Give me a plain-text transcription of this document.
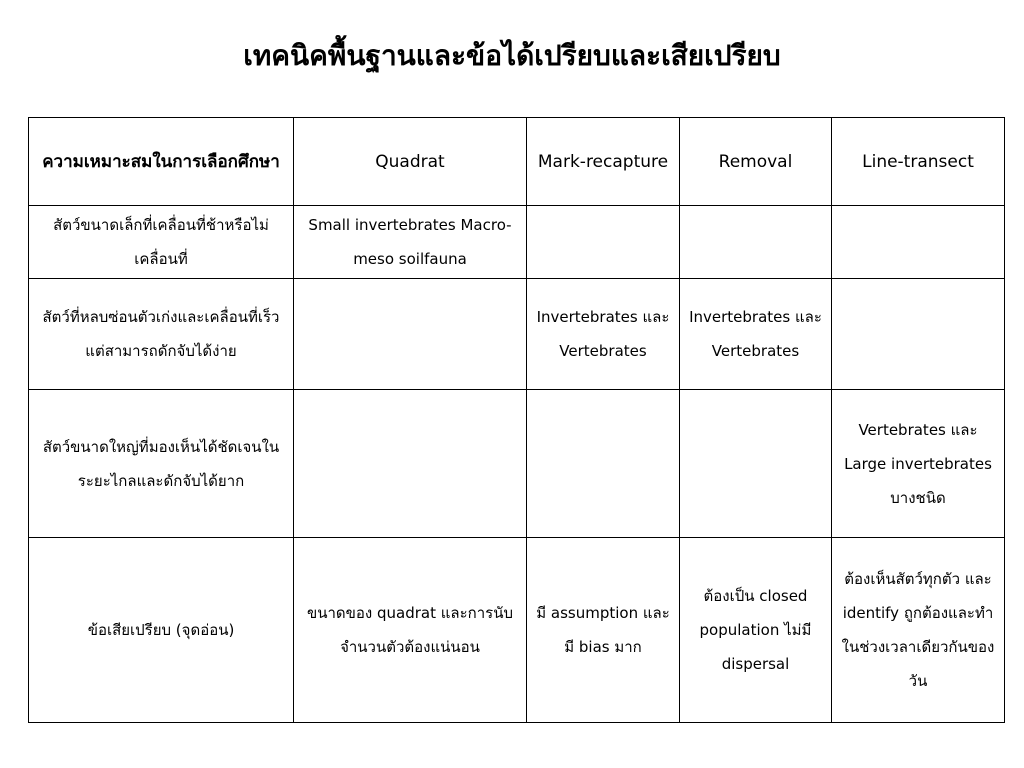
เทคนิคพื้นฐานและข้อได้เปรียบและเสียเปรียบ
ความเหมาะสมในการเลือกศึกษา	Quadrat	Mark-recapture	Removal	Line-transect
สัตว์ขนาดเล็กที่เคลื่อนที่ช้าหรือไม่เคลื่อนที่	Small invertebrates Macro-meso soilfauna			
สัตว์ที่หลบซ่อนตัวเก่งและเคลื่อนที่เร็วแต่สามารถดักจับได้ง่าย		Invertebrates และ Vertebrates	Invertebrates และ Vertebrates	
สัตว์ขนาดใหญ่ที่มองเห็นได้ชัดเจนในระยะไกลและดักจับได้ยาก				Vertebrates และ Large invertebrates บางชนิด
ข้อเสียเปรียบ (จุดอ่อน)	ขนาดของ quadrat และการนับจำนวนตัวต้องแน่นอน	มี assumption และมี bias มาก	ต้องเป็น closed population ไม่มี dispersal	ต้องเห็นสัตว์ทุกตัว และ identify ถูกต้องและทำในช่วงเวลาเดียวกันของวัน
